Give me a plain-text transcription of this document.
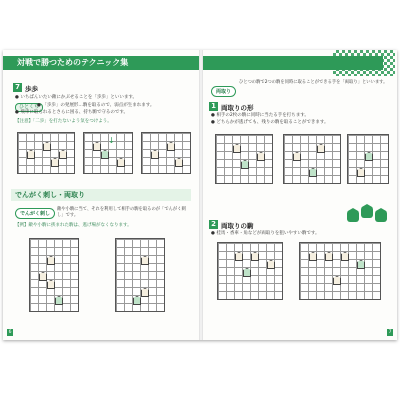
対戦で勝つためのテクニック集
7 歩歩
● いちばんいたい敵にかぶせることを「歩歩」といいます。
ひとくち
● 「歩歩」の発展形…駒を取るので、弱点が生まれます。
● 飛車に取られるとさらに困る、持ち駒で守るのです。
【注意】「二歩」を打たないよう気をつけよう。
↓
でんがく刺し・両取り
でんがく刺し
敵や小駒に当て、それを利用して相手の駒を取るのが「でんがく刺し」です。
【例】敵や小駒に挟まれた駒は、逃げ場がなくなります。
6
両取り
ひとつの駒で2つの駒を同時に取ることができる手を「両取り」といいます。
1 両取りの形
● 相手の2枚の駒に同時に当たる手を打ちます。
● どちらかが逃げても、残りの駒を取ることができます。
2 両取りの駒
● 桂馬・香車・角などが両取りを狙いやすい駒です。
7
